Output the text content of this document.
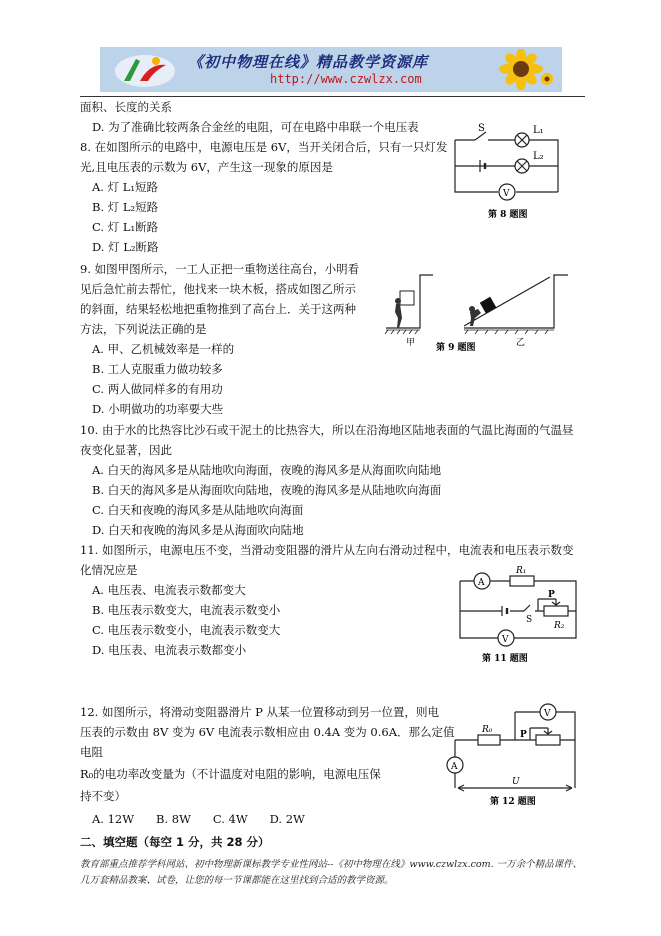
《初中物理在线》精品教学资源库
http://www.czwlzx.com
面积、长度的关系
D. 为了准确比较两条合金丝的电阻，可在电路中串联一个电压表
8. 在如图所示的电路中，电源电压是 6V，当开关闭合后，只有一只灯发
光,且电压表的示数为 6V，产生这一现象的原因是
A. 灯 L₁短路
B. 灯 L₂短路
C. 灯 L₁断路
D. 灯 L₂断路
9. 如图甲图所示，一工人正把一重物送往高台，小明看
见后急忙前去帮忙，他找来一块木板，搭成如图乙所示
的斜面，结果轻松地把重物推到了高台上．关于这两种
方法，下列说法正确的是
A. 甲、乙机械效率是一样的
B. 工人克服重力做功较多
C. 两人做同样多的有用功
D. 小明做功的功率要大些
10. 由于水的比热容比沙石或干泥土的比热容大，所以在沿海地区陆地表面的气温比海面的气温昼
夜变化显著，因此
A. 白天的海风多是从陆地吹向海面，夜晚的海风多是从海面吹向陆地
B. 白天的海风多是从海面吹向陆地，夜晚的海风多是从陆地吹向海面
C. 白天和夜晚的海风多是从陆地吹向海面
D. 白天和夜晚的海风多是从海面吹向陆地
11. 如图所示，电源电压不变，当滑动变阻器的滑片从左向右滑动过程中，电流表和电压表示数变
化情况应是
A. 电压表、电流表示数都变大
B. 电压表示数变大，电流表示数变小
C. 电压表示数变小，电流表示数变大
D. 电压表、电流表示数都变小
12. 如图所示，将滑动变阻器滑片 P 从某一位置移动到另一位置，则电
压表的示数由 8V 变为 6V 电流表示数相应由 0.4A 变为 0.6A．那么定值
电阻
R₀的电功率改变量为（不计温度对电阻的影响，电源电压保
持不变）
A. 12W      B. 8W      C. 4W      D. 2W
二、填空题（每空 1 分，共 28 分）
教育部重点推荐学科网站、初中物理新课标教学专业性网站--《初中物理在线》www.czwlzx.com. 一万余个精品课件、
几万套精品教案、试卷，让您的每一节课都能在这里找到合适的教学资源。
S	L₁
L₂
V
第 8 题图
甲	乙
第 9 题图
A
R₁
P
R₂
S
V
第 11 题图
V
R₀	P
A
U
第 12 题图
